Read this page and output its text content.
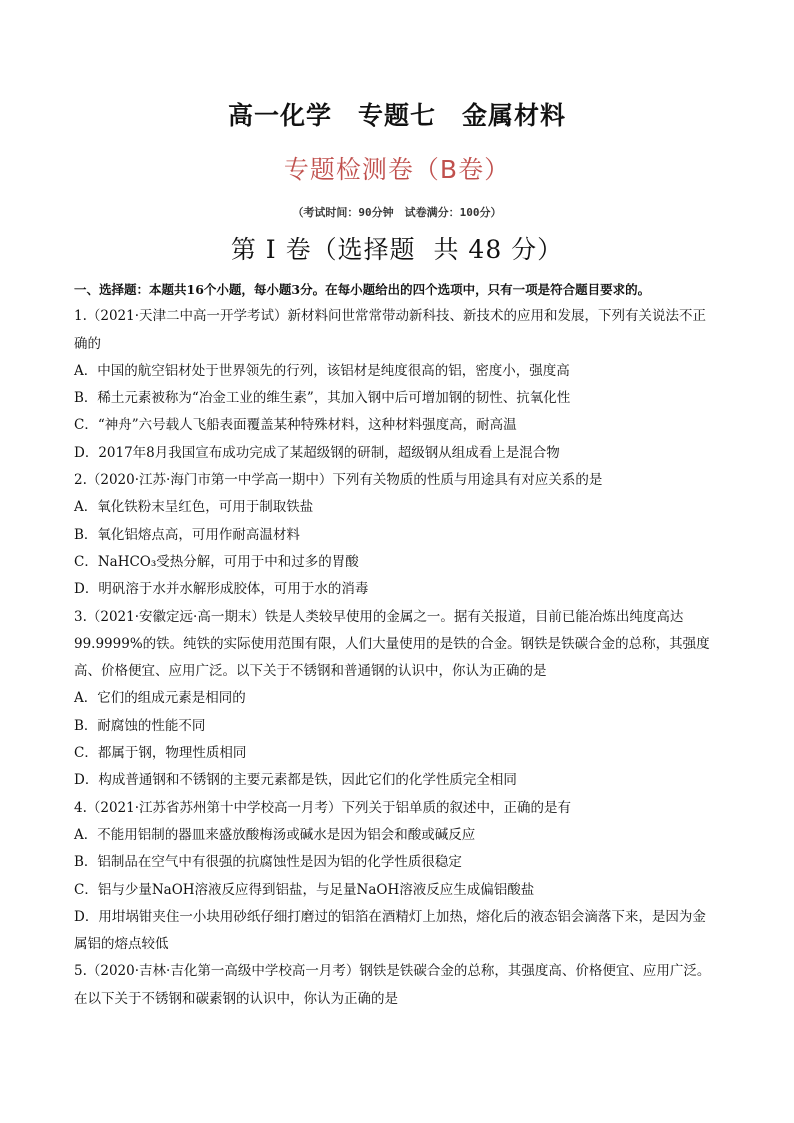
高一化学　专题七　金属材料
专题检测卷（B卷）
（考试时间：90分钟　试卷满分：100分）
第 I 卷（选择题  共 48 分）
一、选择题：本题共16个小题，每小题3分。在每小题给出的四个选项中，只有一项是符合题目要求的。
1.（2021·天津二中高一开学考试）新材料问世常常带动新科技、新技术的应用和发展，下列有关说法不正
确的
A．中国的航空铝材处于世界领先的行列，该铝材是纯度很高的铝，密度小，强度高
B．稀土元素被称为“冶金工业的维生素”，其加入钢中后可增加钢的韧性、抗氧化性
C．“神舟”六号载人飞船表面覆盖某种特殊材料，这种材料强度高，耐高温
D．2017年8月我国宣布成功完成了某超级钢的研制，超级钢从组成看上是混合物
2.（2020·江苏·海门市第一中学高一期中）下列有关物质的性质与用途具有对应关系的是
A．氧化铁粉末呈红色，可用于制取铁盐
B．氧化铝熔点高，可用作耐高温材料
C．NaHCO₃受热分解，可用于中和过多的胃酸
D．明矾溶于水并水解形成胶体，可用于水的消毒
3.（2021·安徽定远·高一期末）铁是人类较早使用的金属之一。据有关报道，目前已能冶炼出纯度高达
99.9999%的铁。纯铁的实际使用范围有限，人们大量使用的是铁的合金。钢铁是铁碳合金的总称，其强度
高、价格便宜、应用广泛。以下关于不锈钢和普通钢的认识中，你认为正确的是
A．它们的组成元素是相同的
B．耐腐蚀的性能不同
C．都属于钢，物理性质相同
D．构成普通钢和不锈钢的主要元素都是铁，因此它们的化学性质完全相同
4.（2021·江苏省苏州第十中学校高一月考）下列关于铝单质的叙述中，正确的是有
A．不能用铝制的器皿来盛放酸梅汤或碱水是因为铝会和酸或碱反应
B．铝制品在空气中有很强的抗腐蚀性是因为铝的化学性质很稳定
C．铝与少量NaOH溶液反应得到铝盐，与足量NaOH溶液反应生成偏铝酸盐
D．用坩埚钳夹住一小块用砂纸仔细打磨过的铝箔在酒精灯上加热，熔化后的液态铝会滴落下来，是因为金
属铝的熔点较低
5.（2020·吉林·吉化第一高级中学校高一月考）钢铁是铁碳合金的总称，其强度高、价格便宜、应用广泛。
在以下关于不锈钢和碳素钢的认识中，你认为正确的是
